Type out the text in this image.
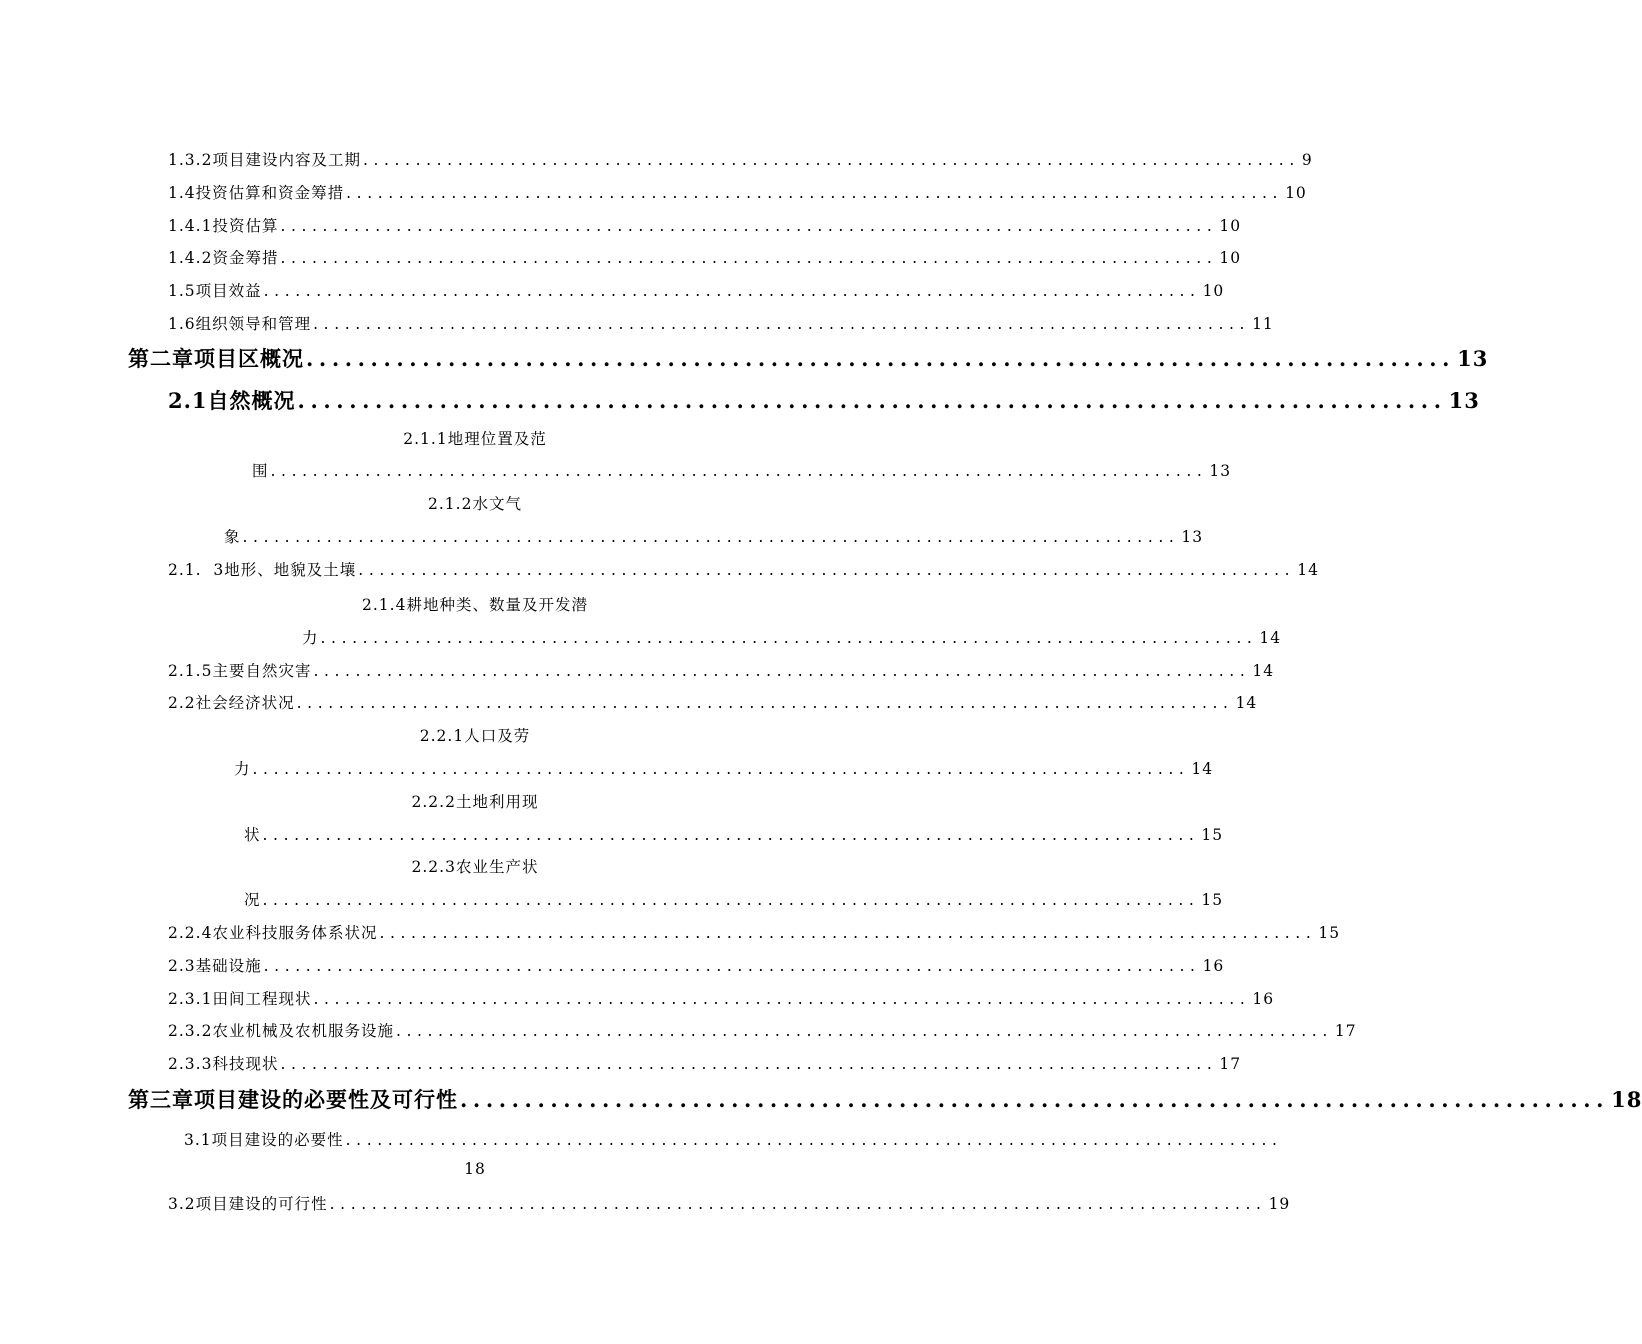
1.3.2项目建设内容及工期 ......................................................................................... 9
1.4投资估算和资金筹措 ......................................................................................... 10
1.4.1投资估算 ......................................................................................... 10
1.4.2资金筹措 ......................................................................................... 10
1.5项目效益 ......................................................................................... 10
1.6组织领导和管理 ......................................................................................... 11
第二章 项目区概况 ......................................................................................... 13
2.1自然概况 ......................................................................................... 13
2.1.1地理位置及范
围 ......................................................................................... 13
2.1.2水文气
象 ......................................................................................... 13
2.1.  3地形、地貌及土壤 ......................................................................................... 14
2.1.4耕地种类、数量及开发潜
力 ......................................................................................... 14
2.1.5主要自然灾害 ......................................................................................... 14
2.2社会经济状况 ......................................................................................... 14
2.2.1人口及劳
力 ......................................................................................... 14
2.2.2土地利用现
状 ......................................................................................... 15
2.2.3农业生产状
况 ......................................................................................... 15
2.2.4农业科技服务体系状况 ......................................................................................... 15
2.3基础设施 ......................................................................................... 16
2.3.1田间工程现状 ......................................................................................... 16
2.3.2农业机械及农机服务设施 ......................................................................................... 17
2.3.3科技现状 ......................................................................................... 17
第三章 项目建设的必要性及可行性 ......................................................................................... 18
3.1项目建设的必要性 .........................................................................................
18
3.2项目建设的可行性 ......................................................................................... 19
